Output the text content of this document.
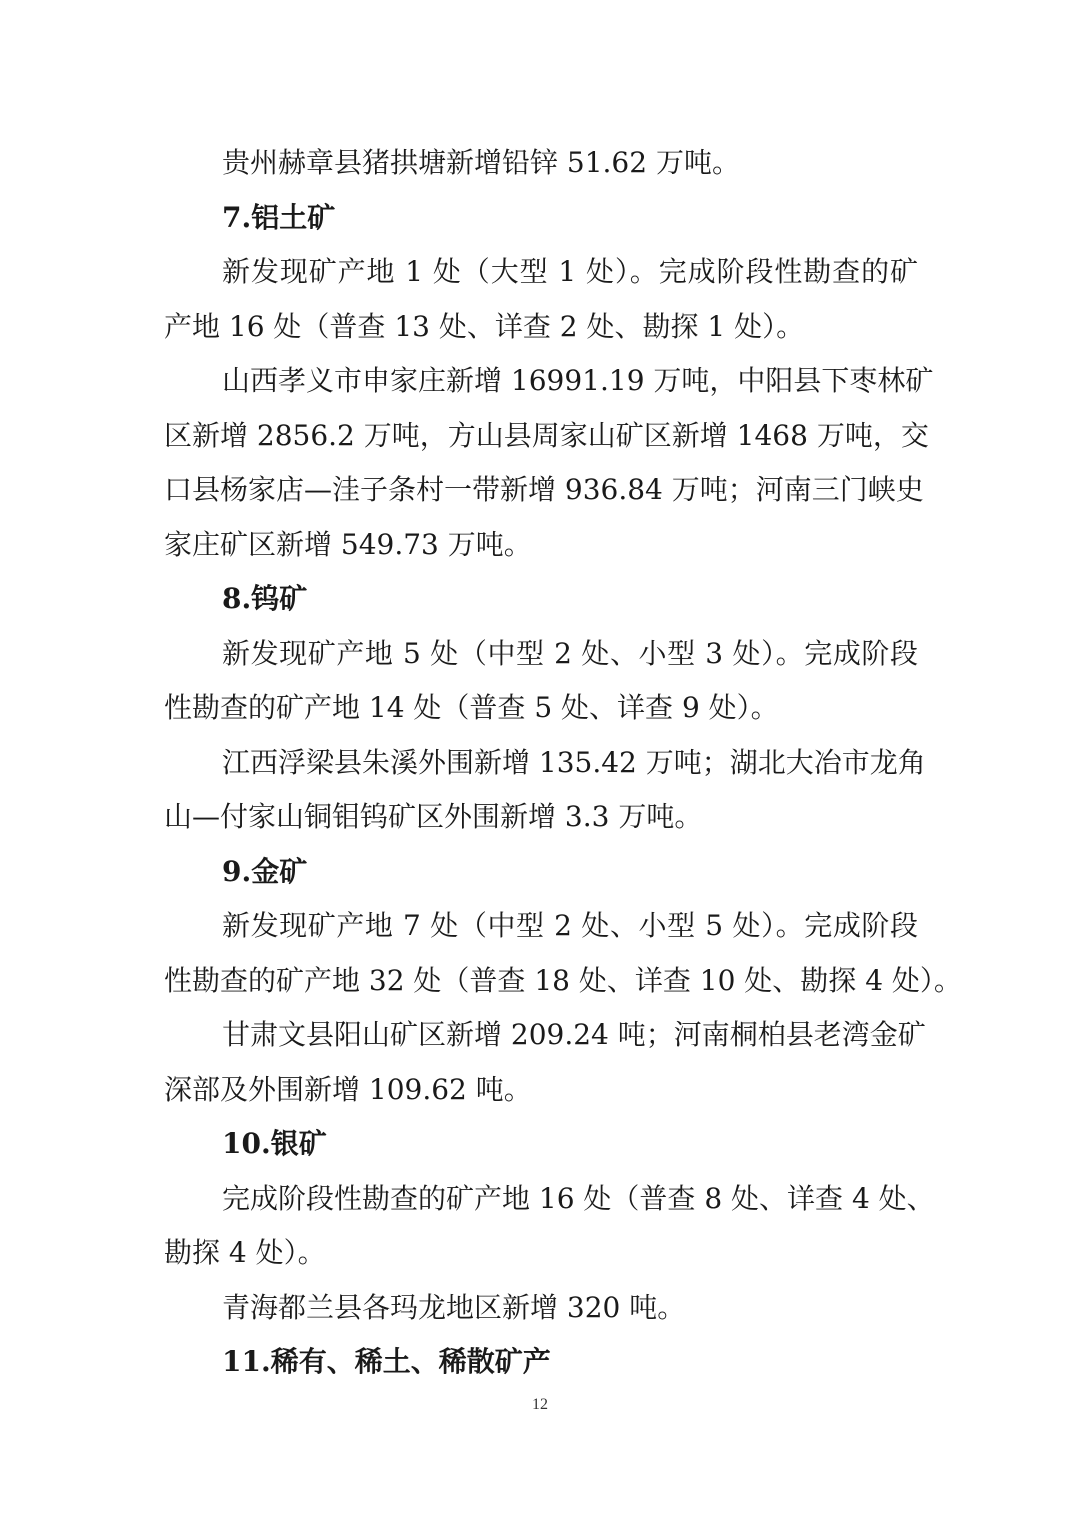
贵州赫章县猪拱塘新增铅锌 51.62 万吨。
7.铝土矿
新发现矿产地 1 处（大型 1 处）。完成阶段性勘查的矿
产地 16 处（普查 13 处、详查 2 处、勘探 1 处）。
山西孝义市申家庄新增 16991.19 万吨，中阳县下枣林矿
区新增 2856.2 万吨，方山县周家山矿区新增 1468 万吨，交
口县杨家店—洼子条村一带新增 936.84 万吨；河南三门峡史
家庄矿区新增 549.73 万吨。
8.钨矿
新发现矿产地 5 处（中型 2 处、小型 3 处）。完成阶段
性勘查的矿产地 14 处（普查 5 处、详查 9 处）。
江西浮梁县朱溪外围新增 135.42 万吨；湖北大冶市龙角
山—付家山铜钼钨矿区外围新增 3.3 万吨。
9.金矿
新发现矿产地 7 处（中型 2 处、小型 5 处）。完成阶段
性勘查的矿产地 32 处（普查 18 处、详查 10 处、勘探 4 处）。
甘肃文县阳山矿区新增 209.24 吨；河南桐柏县老湾金矿
深部及外围新增 109.62 吨。
10.银矿
完成阶段性勘查的矿产地 16 处（普查 8 处、详查 4 处、
勘探 4 处）。
青海都兰县各玛龙地区新增 320 吨。
11.稀有、稀土、稀散矿产
12
